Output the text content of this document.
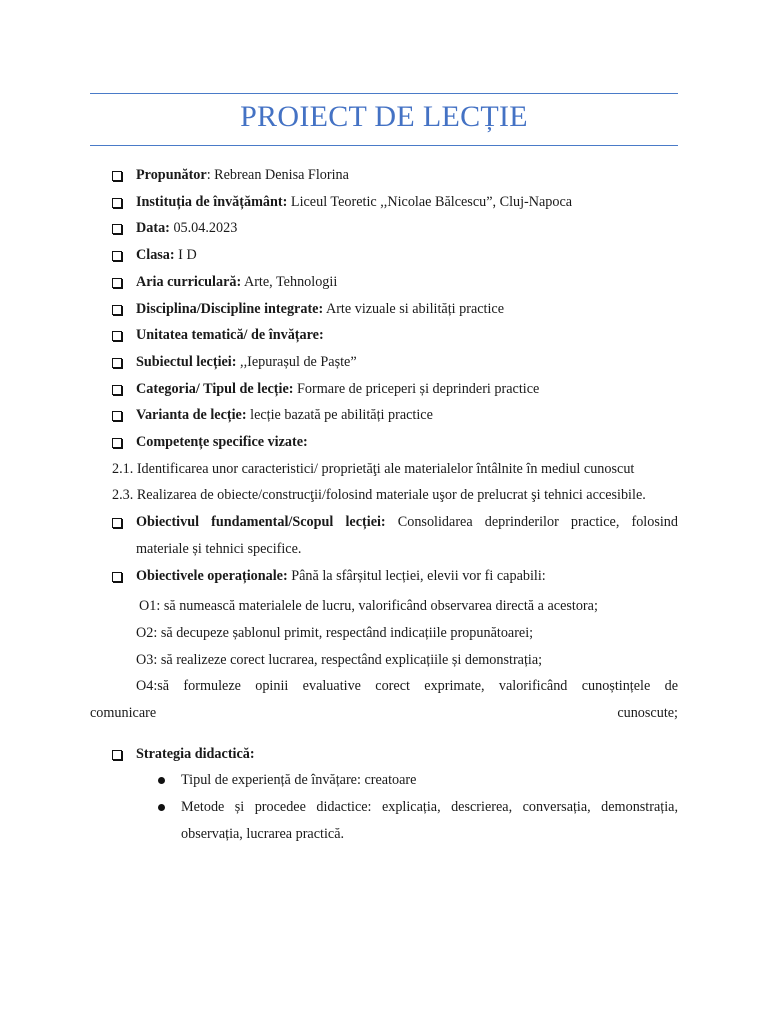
PROIECT DE LECȚIE
Propunător: Rebrean Denisa Florina
Instituția de învățământ: Liceul Teoretic ,,Nicolae Bălcescu”, Cluj-Napoca
Data: 05.04.2023
Clasa: I D
Aria curriculară: Arte, Tehnologii
Disciplina/Discipline integrate: Arte vizuale si abilități practice
Unitatea tematică/ de învățare:
Subiectul lecției: ,,Iepurașul de Paște”
Categoria/ Tipul de lecție: Formare de priceperi și deprinderi practice
Varianta de lecție: lecție bazată pe abilități practice
Competențe specifice vizate:
2.1. Identificarea unor caracteristici/ proprietăţi ale materialelor întâlnite în mediul cunoscut
2.3. Realizarea de obiecte/construcţii/folosind materiale uşor de prelucrat şi tehnici accesibile.
Obiectivul fundamental/Scopul lecției: Consolidarea deprinderilor practice, folosind materiale și tehnici specifice.
Obiectivele operaționale: Până la sfârșitul lecției, elevii vor fi capabili:
O1: să numească materialele de lucru, valorificând observarea directă a acestora;
O2: să decupeze șablonul primit, respectând indicațiile propunătoarei;
O3: să realizeze corect lucrarea, respectând explicațiile și demonstrația;
O4:să formuleze opinii evaluative corect exprimate, valorificând cunoștințele de
comunicare cunoscute;
Strategia didactică:
Tipul de experiență de învățare: creatoare
Metode și procedee didactice: explicația, descrierea, conversația, demonstrația, observația, lucrarea practică.
